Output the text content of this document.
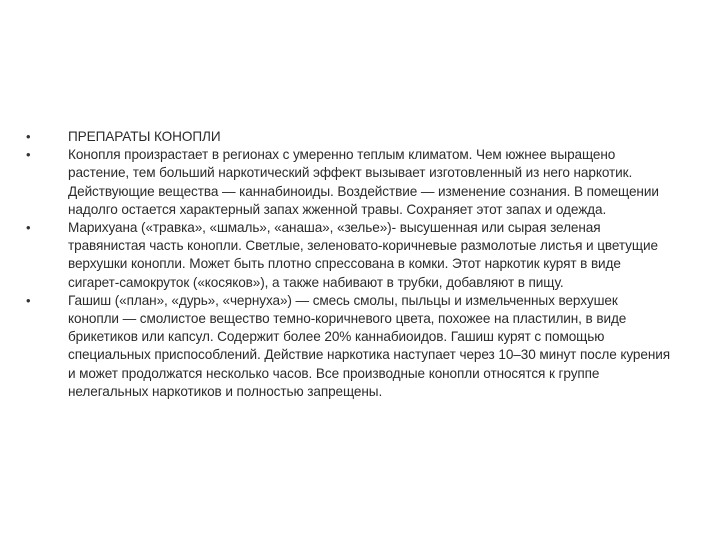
•	ПРЕПАРАТЫ КОНОПЛИ
•	Конопля произрастает в регионах с умеренно теплым климатом. Чем южнее выращено растение, тем больший наркотический эффект вызывает изготовленный из него наркотик. Действующие вещества — каннабиноиды. Воздействие — изменение сознания. В помещении надолго остается характерный запах жженной травы. Сохраняет этот запах и одежда.
•	Марихуана («травка», «шмаль», «анаша», «зелье»)- высушенная или сырая зеленая травянистая часть конопли. Светлые, зеленовато-коричневые размолотые листья и цветущие верхушки конопли. Может быть плотно спрессована в комки. Этот наркотик курят в виде сигарет-самокруток («косяков»), а также набивают в трубки, добавляют в пищу.
•	Гашиш («план», «дурь», «чернуха») — смесь смолы, пыльцы и измельченных верхушек конопли — смолистое вещество темно-коричневого цвета, похожее на пластилин, в виде брикетиков или капсул. Содержит более 20% каннабиоидов. Гашиш курят с помощью специальных приспособлений. Действие наркотика наступает через 10–30 минут после курения и может продолжатся несколько часов. Все производные конопли относятся к группе нелегальных наркотиков и полностью запрещены.
